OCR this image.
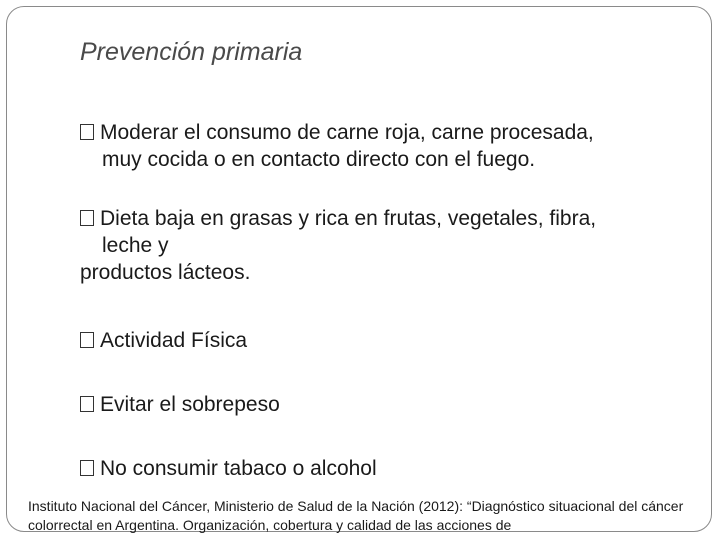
Prevención primaria
Moderar el consumo de carne roja, carne procesada,
muy cocida o en contacto directo con el fuego.
Dieta baja en grasas y rica en frutas, vegetales, fibra,
leche y
productos lácteos.
Actividad Física
Evitar el sobrepeso
No consumir tabaco o alcohol
Instituto Nacional del Cáncer, Ministerio de Salud de la Nación (2012): “Diagnóstico situacional del cáncer colorrectal en Argentina. Organización, cobertura y calidad de las acciones de
